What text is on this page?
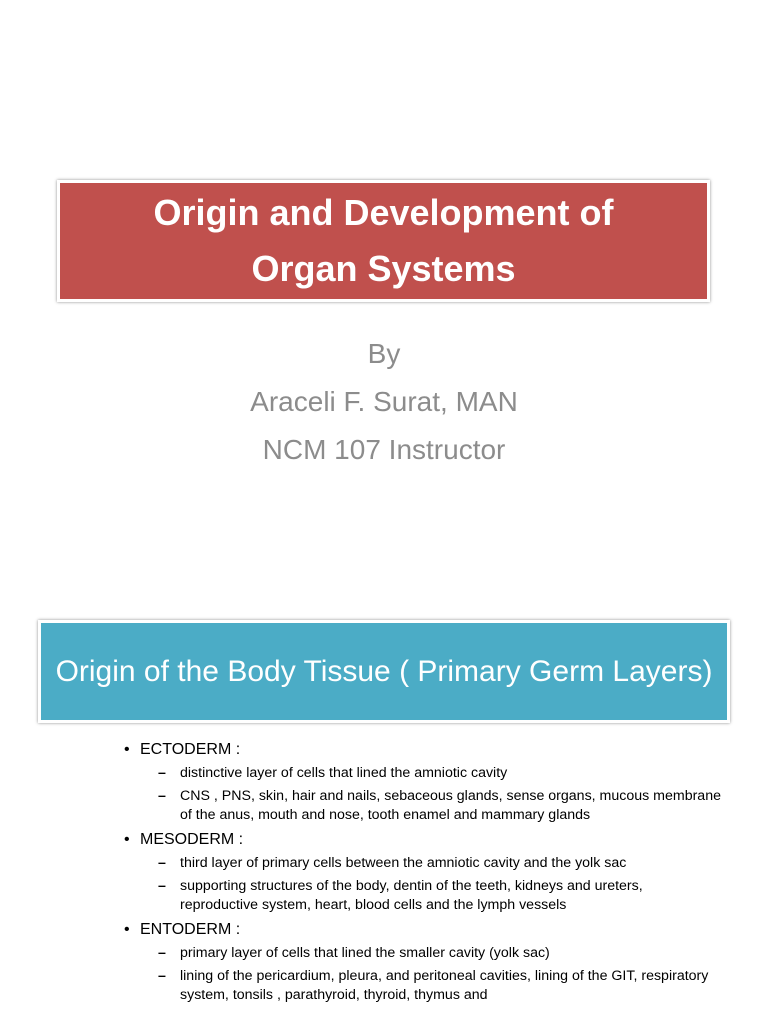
Origin and Development of Organ Systems
By
Araceli F. Surat, MAN
NCM 107 Instructor
Origin of the Body Tissue ( Primary Germ Layers)
• ECTODERM :
– distinctive layer of cells that lined the amniotic cavity
– CNS , PNS, skin, hair and nails, sebaceous glands, sense organs, mucous membrane of the anus, mouth and nose, tooth enamel and mammary glands
• MESODERM :
– third layer of primary cells between the amniotic cavity and the yolk sac
– supporting structures of the body, dentin of the teeth, kidneys and ureters, reproductive system, heart, blood cells and the lymph vessels
• ENTODERM :
– primary layer of cells that lined the smaller cavity (yolk sac)
– lining of the pericardium, pleura, and peritoneal cavities, lining of the GIT, respiratory system, tonsils , parathyroid, thyroid, thymus and
